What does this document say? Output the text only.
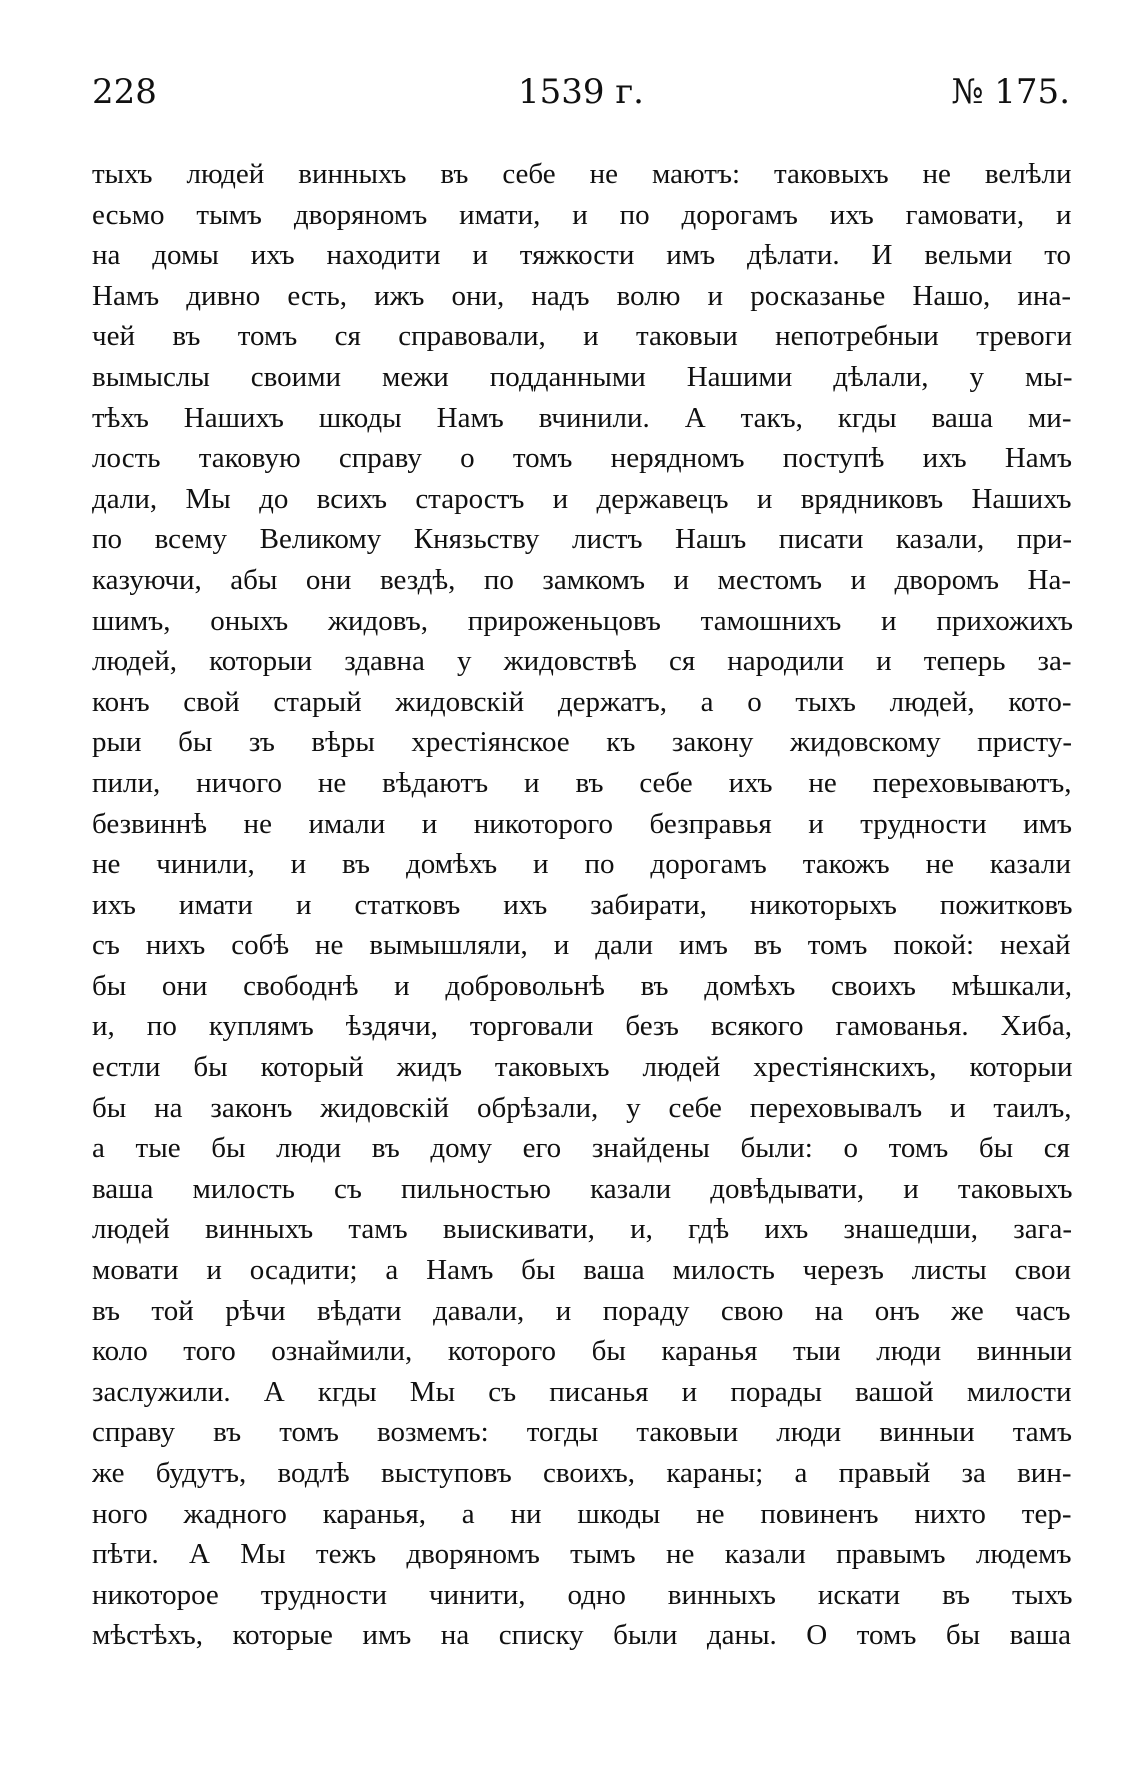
228	1539 г.	№ 175.
тыхъ людей винныхъ въ себе не маютъ: таковыхъ не велѣли
есьмо тымъ дворяномъ имати, и по дорогамъ ихъ гамовати, и
на домы ихъ находити и тяжкости имъ дѣлати. И вельми то
Намъ дивно есть, ижъ они, надъ волю и росказанье Нашо, ина-
чей въ томъ ся справовали, и таковыи непотребныи тревоги
вымыслы своими межи подданными Нашими дѣлали, у мы-
тѣхъ Нашихъ шкоды Намъ вчинили. А такъ, кгды ваша ми-
лость таковую справу о томъ нерядномъ поступѣ ихъ Намъ
дали, Мы до всихъ старостъ и державецъ и врядниковъ Нашихъ
по всему Великому Князьству листъ Нашъ писати казали, при-
казуючи, абы они вездѣ, по замкомъ и местомъ и дворомъ На-
шимъ, оныхъ жидовъ, прироженьцовъ тамошнихъ и прихожихъ
людей, которыи здавна у жидовствѣ ся народили и теперь за-
конъ свой старый жидовскій держатъ, а о тыхъ людей, кото-
рыи бы зъ вѣры хрестіянское къ закону жидовскому присту-
пили, ничого не вѣдаютъ и въ себе ихъ не переховываютъ,
безвиннѣ не имали и никоторого безправья и трудности имъ
не чинили, и въ домѣхъ и по дорогамъ такожъ не казали
ихъ имати и статковъ ихъ забирати, никоторыхъ пожитковъ
съ нихъ собѣ не вымышляли, и дали имъ въ томъ покой: нехай
бы они свободнѣ и добровольнѣ въ домѣхъ своихъ мѣшкали,
и, по куплямъ ѣздячи, торговали безъ всякого гамованья. Хиба,
естли бы который жидъ таковыхъ людей хрестіянскихъ, которыи
бы на законъ жидовскій обрѣзали, у себе переховывалъ и таилъ,
а тые бы люди въ дому его знайдены были: о томъ бы ся
ваша милость съ пильностью казали довѣдывати, и таковыхъ
людей винныхъ тамъ выискивати, и, гдѣ ихъ знашедши, зага-
мовати и осадити; а Намъ бы ваша милость черезъ листы свои
въ той рѣчи вѣдати давали, и пораду свою на онъ же часъ
коло того ознаймили, которого бы каранья тыи люди винныи
заслужили. А кгды Мы съ писанья и порады вашой милости
справу въ томъ возмемъ: тогды таковыи люди винныи тамъ
же будутъ, водлѣ выступовъ своихъ, караны; а правый за вин-
ного жадного каранья, а ни шкоды не повиненъ нихто тер-
пѣти. А Мы тежъ дворяномъ тымъ не казали правымъ людемъ
никоторое трудности чинити, одно винныхъ искати въ тыхъ
мѣстѣхъ, которые имъ на списку были даны. О томъ бы ваша
